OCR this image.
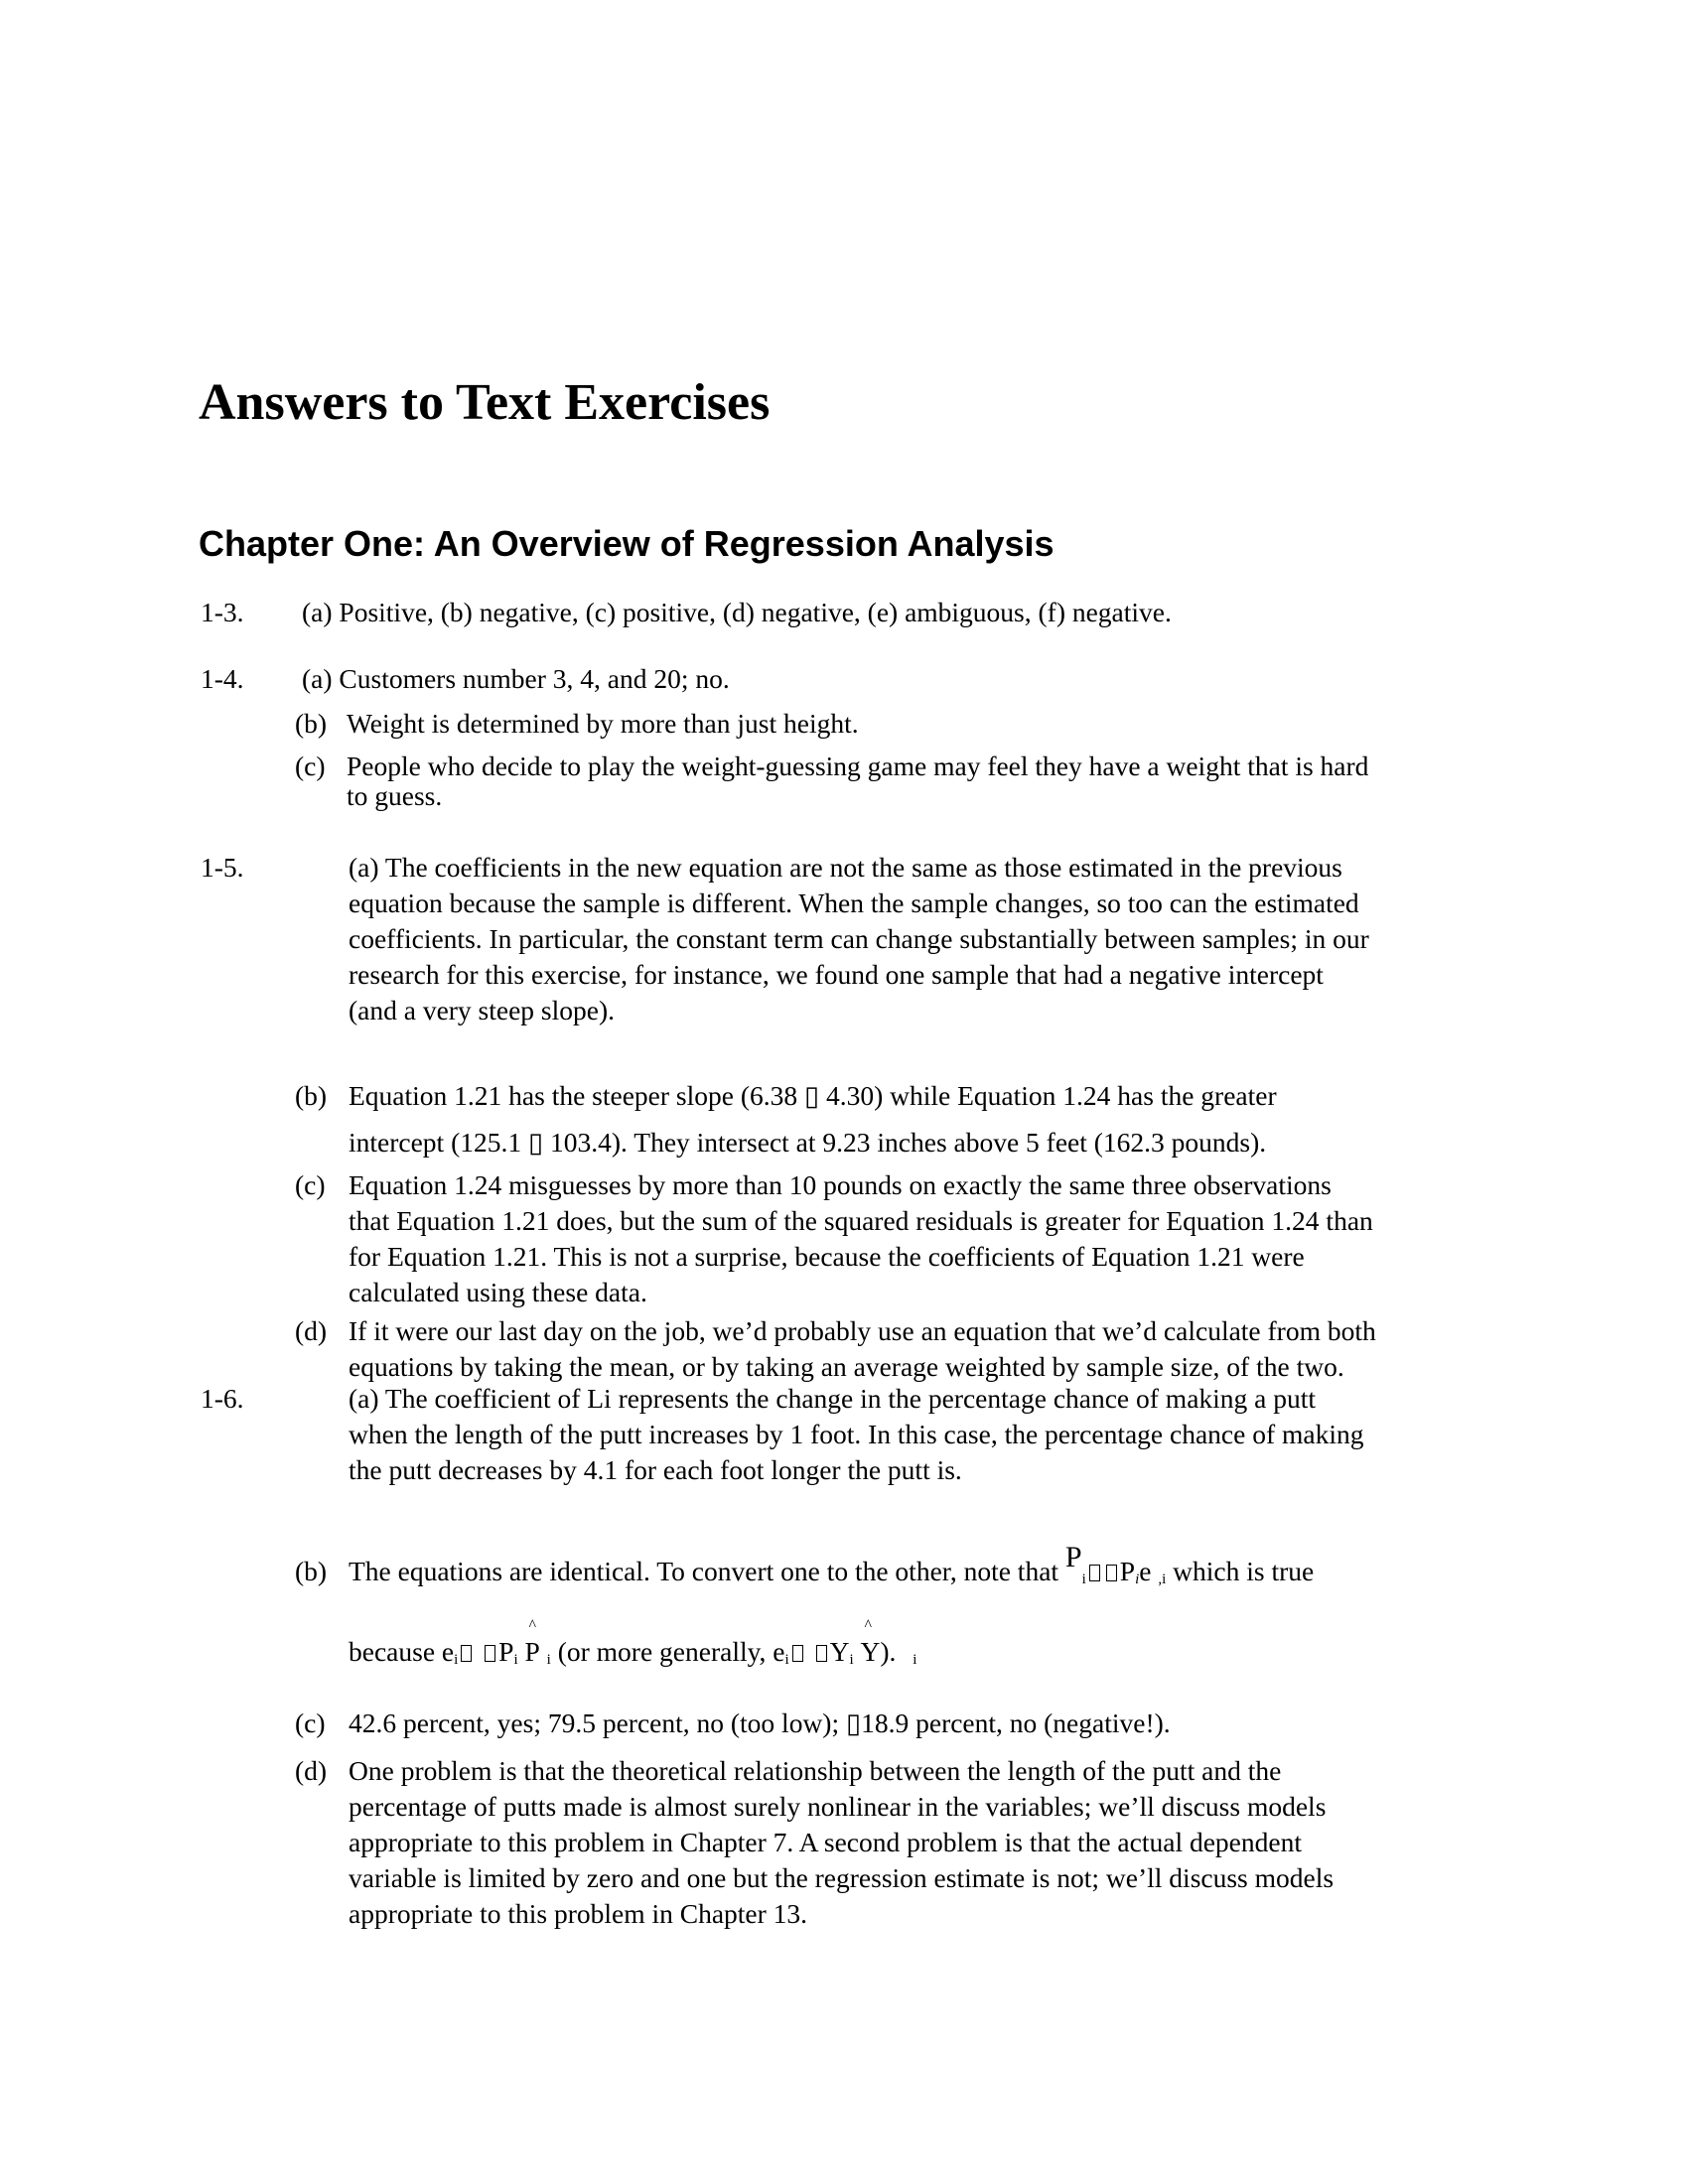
Answers to Text Exercises
Chapter One: An Overview of Regression Analysis
1-3. (a) Positive, (b) negative, (c) positive, (d) negative, (e) ambiguous, (f) negative.
1-4. (a) Customers number 3, 4, and 20; no.
(b) Weight is determined by more than just height.
(c) People who decide to play the weight-guessing game may feel they have a weight that is hard
to guess.
1-5.	(a) The coefficients in the new equation are not the same as those estimated in the previous
equation because the sample is different. When the sample changes, so too can the estimated
coefficients. In particular, the constant term can change substantially between samples; in our
research for this exercise, for instance, we found one sample that had a negative intercept
(and a very steep slope).
(b) Equation 1.21 has the steeper slope (6.38 ▯ 4.30) while Equation 1.24 has the greater
intercept (125.1 ▯ 103.4). They intersect at 9.23 inches above 5 feet (162.3 pounds).
(c) Equation 1.24 misguesses by more than 10 pounds on exactly the same three observations
that Equation 1.21 does, but the sum of the squared residuals is greater for Equation 1.24 than
for Equation 1.21. This is not a surprise, because the coefficients of Equation 1.21 were
calculated using these data.
(d) If it were our last day on the job, we’d probably use an equation that we’d calculate from both
equations by taking the mean, or by taking an average weighted by sample size, of the two.
1-6.	(a) The coefficient of Li represents the change in the percentage chance of making a putt
when the length of the putt increases by 1 foot. In this case, the percentage chance of making
the putt decreases by 4.1 for each foot longer the putt is.
(b) The equations are identical. To convert one to the other, note that $P_i$ $P_ie$ $_{,i}$ which is true
because $e_i$ $P_i$ ^ P $_i$ (or more generally, $e_i$ $Y_i$ ^ Y). $_i$
(c) 42.6 percent, yes; 79.5 percent, no (too low); ▯18.9 percent, no (negative!).
(d) One problem is that the theoretical relationship between the length of the putt and the
percentage of putts made is almost surely nonlinear in the variables; we’ll discuss models
appropriate to this problem in Chapter 7. A second problem is that the actual dependent
variable is limited by zero and one but the regression estimate is not; we’ll discuss models
appropriate to this problem in Chapter 13.
